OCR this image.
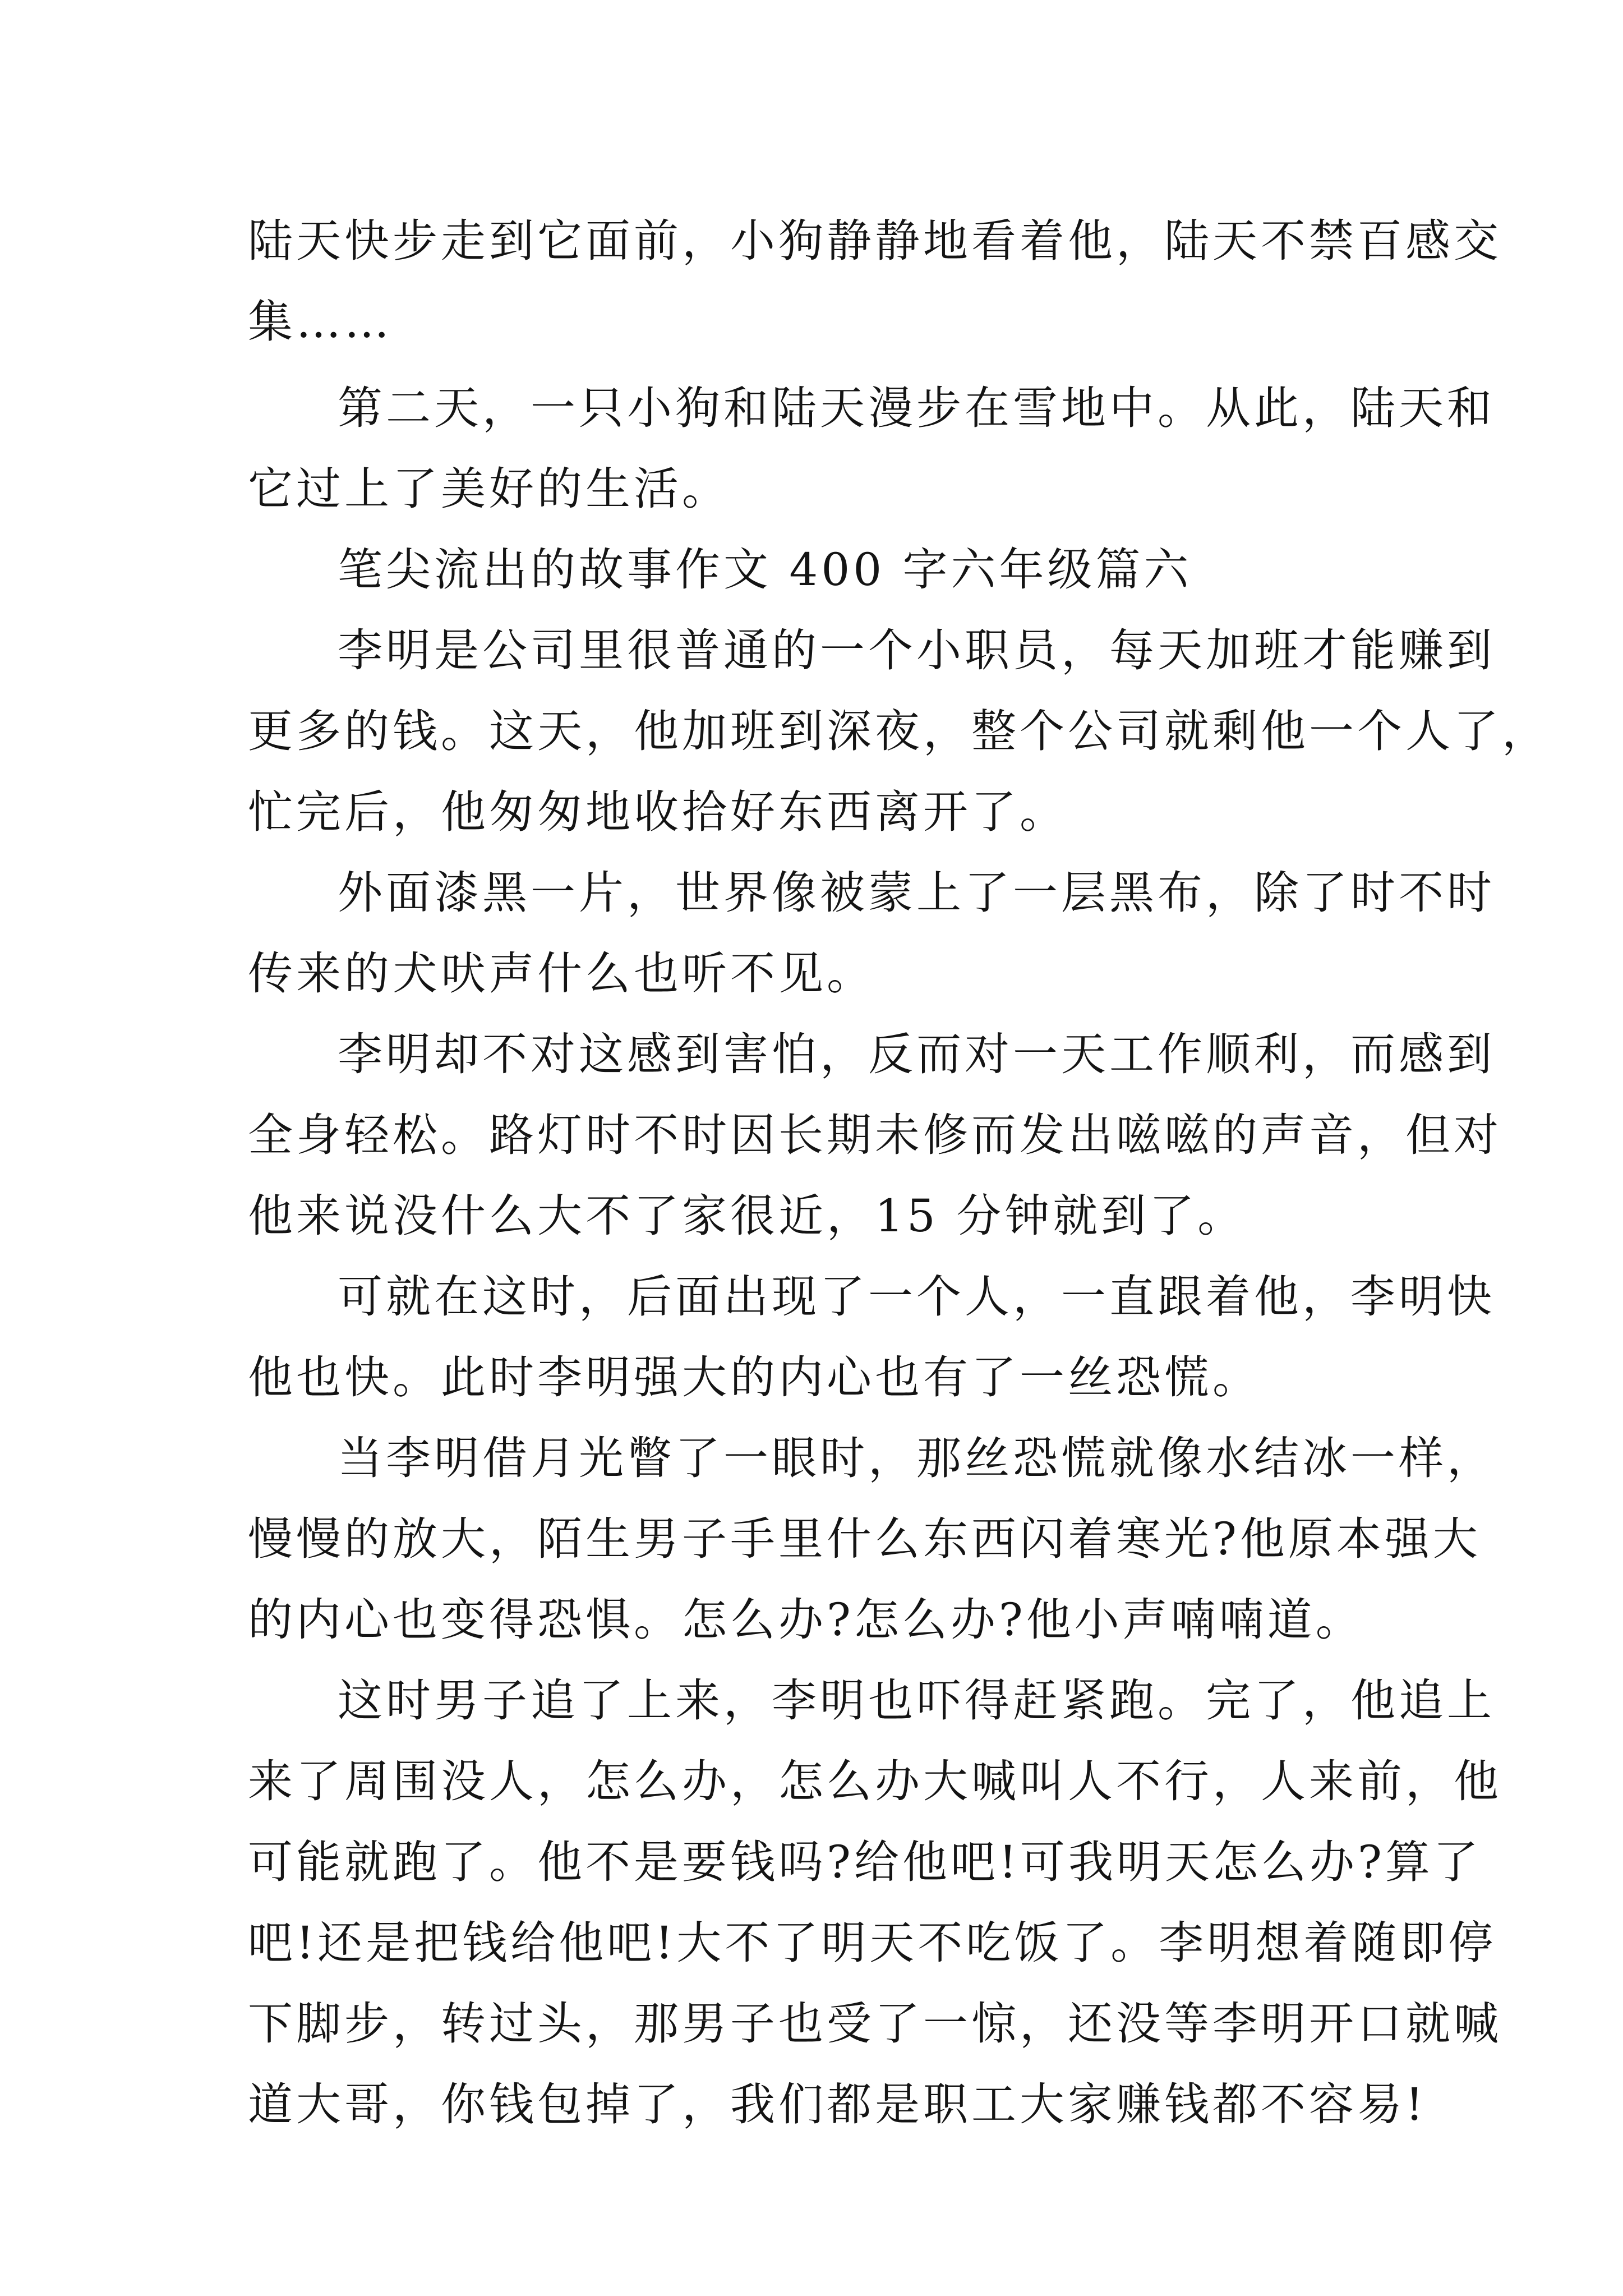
陆天快步走到它面前，小狗静静地看着他，陆天不禁百感交
集……
第二天，一只小狗和陆天漫步在雪地中。从此，陆天和
它过上了美好的生活。
笔尖流出的故事作文 400 字六年级篇六
李明是公司里很普通的一个小职员，每天加班才能赚到
更多的钱。这天，他加班到深夜，整个公司就剩他一个人了，
忙完后，他匆匆地收拾好东西离开了。
外面漆黑一片，世界像被蒙上了一层黑布，除了时不时
传来的犬吠声什么也听不见。
李明却不对这感到害怕，反而对一天工作顺利，而感到
全身轻松。路灯时不时因长期未修而发出嗞嗞的声音，但对
他来说没什么大不了家很近，15 分钟就到了。
可就在这时，后面出现了一个人，一直跟着他，李明快
他也快。此时李明强大的内心也有了一丝恐慌。
当李明借月光瞥了一眼时，那丝恐慌就像水结冰一样，
慢慢的放大，陌生男子手里什么东西闪着寒光?他原本强大
的内心也变得恐惧。怎么办?怎么办?他小声喃喃道。
这时男子追了上来，李明也吓得赶紧跑。完了，他追上
来了周围没人，怎么办，怎么办大喊叫人不行，人来前，他
可能就跑了。他不是要钱吗?给他吧!可我明天怎么办?算了
吧!还是把钱给他吧!大不了明天不吃饭了。李明想着随即停
下脚步，转过头，那男子也受了一惊，还没等李明开口就喊
道大哥，你钱包掉了，我们都是职工大家赚钱都不容易!
